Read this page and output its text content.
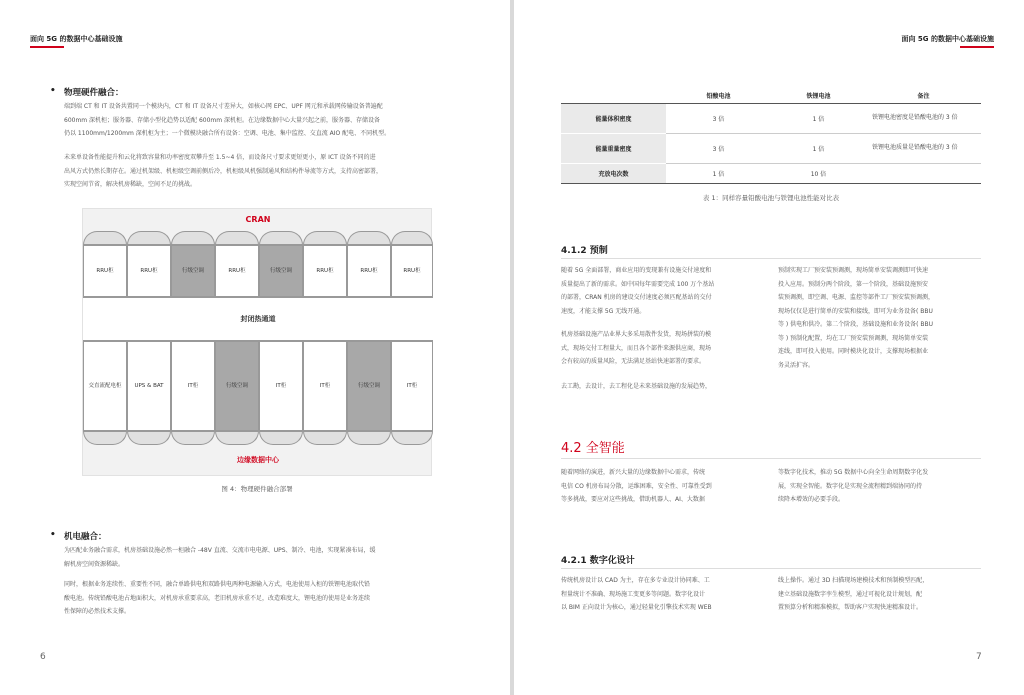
面向 5G 的数据中心基础设施
• 物理硬件融合：
端到端 CT 和 IT 设备共置同一个模块内，CT 和 IT 设备尺寸差异大，如核心网 EPC、UPF 网元和承载网传输设备普遍配
600mm 深机柜；服务器、存储小型化趋势以适配 600mm 深机柜。在边缘数据中心大量兴起之前，服务器、存储设备
仍以 1100mm/1200mm 深机柜为主；一个微模块融合所有设备：空调、电池、集中监控、交直流 AIO 配电、不同机型。
未来单设备性能提升和云化将致容量和功率密度双攀升至 1.5~4 倍，而设备尺寸要求更短更小，原 ICT 设备不同的进
出风方式仍然长期存在。通过机架级、机柜级空调前侧后冷，机柜级风机强制通风和结构件导流等方式，支持高密部署，
实现空间节省，解决机房稀缺，空间不足的挑战。
CRAN
RRU柜	RRU柜	行级空调	RRU柜	行级空调	RRU柜	RRU柜	RRU柜
封闭热通道
交直流配电柜	UPS & BAT	IT柜	行级空调	IT柜	IT柜	行级空调	IT柜
边缘数据中心
图 4：物理硬件融合部署
• 机电融合：
为匹配业务融合需求，机房基础设施必然一柜融合 -48V 直流、交流市电电源、UPS、制冷、电池，实现紧凑布局，缓
解机房空间资源稀缺。
同时，根据业务连续性、重要性不同，融合单路供电和双路供电两种电源输入方式，电池使用入柜的铁锂电池取代铅
酸电池。传统铅酸电池占地面积大，对机房承重要求高，老旧机房承重不足，改造难度大，锂电池的使用是业务连续
性保障的必然技术支撑。
6
面向 5G 的数据中心基础设施
	铅酸电池	铁锂电池	备注
能量体积密度	3 倍	1 倍	铁锂电池密度是铅酸电池的 3 倍
能量重量密度	3 倍	1 倍	铁锂电池质量是铅酸电池的 3 倍
充放电次数	1 倍	10 倍	
表 1：同样容量铅酸电池与铁锂电池性能对比表
4.1.2 预制
随着 5G 全面部署，商业应用的变现兼有设施交付速度和
质量提出了新的需求。如中国每年需要完成 100 万个基站
的部署，CRAN 机房的建设交付速度必须匹配基站的交付
速度，才能支撑 5G 无线开通。
机房基础设施产品业界大多采用散件发货，现场拼装的模
式，现场交付工程量大，而且各个部件来源供应商，现场
会有较高的质量风险，无法满足基站快速部署的要求。
去工勘，去设计，去工程化是未来基础设施的发展趋势，
预制实现工厂预安装预调测，现场简单安装调测即可快速
投入应用。预制分两个阶段，第一个阶段，基础设施预安
装预调测，即空调、电源、监控等部件工厂预安装预调测，
现场仅仅是进行简单的安装和接线，即可为业务设备( BBU
等 ) 供电和供冷。第二个阶段，基础设施和业务设备( BBU
等 ) 预制化配置，均在工厂预安装预调测，现场简单安装
连线，即可投入使用。同时模块化设计，支撑现场根据业
务灵活扩容。
4.2 全智能
随着网络的演进，新兴大量的边缘数据中心需求，传统
电信 CO 机房布局分散，运维困难，安全性、可靠性受到
等多挑战，要应对这些挑战，借助机器人、AI、大数据
等数字化技术，推动 5G 数据中心向全生命周期数字化发
展，实现全智能。数字化是实现全流程精到端协同的持
续降本增效的必要手段。
4.2.1 数字化设计
传统机房设计以 CAD 为主，存在多专业设计协同难、工
程量统计不准确、现场施工变更多等问题。数字化设计
以 BIM 正向设计为核心，通过轻量化引擎技术实现 WEB
线上操作。通过 3D 扫描现场建模技术和预制模型匹配，
建立基础设施数字孪生模型，通过可视化设计规划，配
置预算分析和精准模拟，帮助客户实现快速精准设计。
7
